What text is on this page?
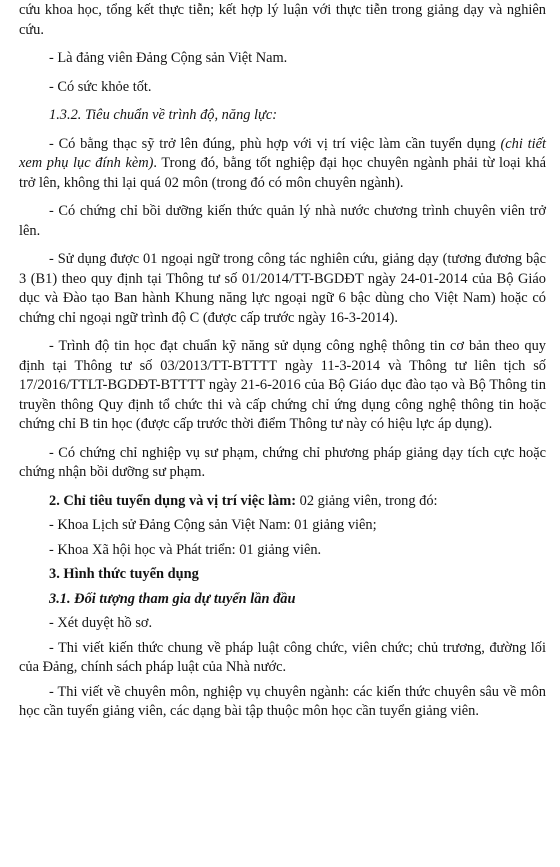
cứu khoa học, tổng kết thực tiễn; kết hợp lý luận với thực tiễn trong giảng dạy và nghiên cứu.

- Là đảng viên Đảng Cộng sản Việt Nam.

- Có sức khỏe tốt.

1.3.2. Tiêu chuẩn về trình độ, năng lực:

- Có bằng thạc sỹ trở lên đúng, phù hợp với vị trí việc làm cần tuyển dụng (chi tiết xem phụ lục đính kèm). Trong đó, bằng tốt nghiệp đại học chuyên ngành phải từ loại khá trở lên, không thi lại quá 02 môn (trong đó có môn chuyên ngành).

- Có chứng chỉ bồi dưỡng kiến thức quản lý nhà nước chương trình chuyên viên trở lên.

- Sử dụng được 01 ngoại ngữ trong công tác nghiên cứu, giảng dạy (tương đương bậc 3 (B1) theo quy định tại Thông tư số 01/2014/TT-BGDĐT ngày 24-01-2014 của Bộ Giáo dục và Đào tạo Ban hành Khung năng lực ngoại ngữ 6 bậc dùng cho Việt Nam) hoặc có chứng chỉ ngoại ngữ trình độ C (được cấp trước ngày 16-3-2014).

- Trình độ tin học đạt chuẩn kỹ năng sử dụng công nghệ thông tin cơ bản theo quy định tại Thông tư số 03/2013/TT-BTTTT ngày 11-3-2014 và Thông tư liên tịch số 17/2016/TTLT-BGDĐT-BTTTT ngày 21-6-2016 của Bộ Giáo dục đào tạo và Bộ Thông tin truyền thông Quy định tổ chức thi và cấp chứng chỉ ứng dụng công nghệ thông tin hoặc chứng chỉ B tin học (được cấp trước thời điểm Thông tư này có hiệu lực áp dụng).

- Có chứng chỉ nghiệp vụ sư phạm, chứng chỉ phương pháp giảng dạy tích cực hoặc chứng nhận bồi dưỡng sư phạm.

2. Chỉ tiêu tuyển dụng và vị trí việc làm: 02 giảng viên, trong đó:

- Khoa Lịch sử Đảng Cộng sản Việt Nam: 01 giảng viên;

- Khoa Xã hội học và Phát triển: 01 giảng viên.

3. Hình thức tuyển dụng

3.1. Đối tượng tham gia dự tuyển lần đầu

- Xét duyệt hồ sơ.

- Thi viết kiến thức chung về pháp luật công chức, viên chức; chủ trương, đường lối của Đảng, chính sách pháp luật của Nhà nước.

- Thi viết về chuyên môn, nghiệp vụ chuyên ngành: các kiến thức chuyên sâu về môn học cần tuyển giảng viên, các dạng bài tập thuộc môn học cần tuyển giảng viên.
